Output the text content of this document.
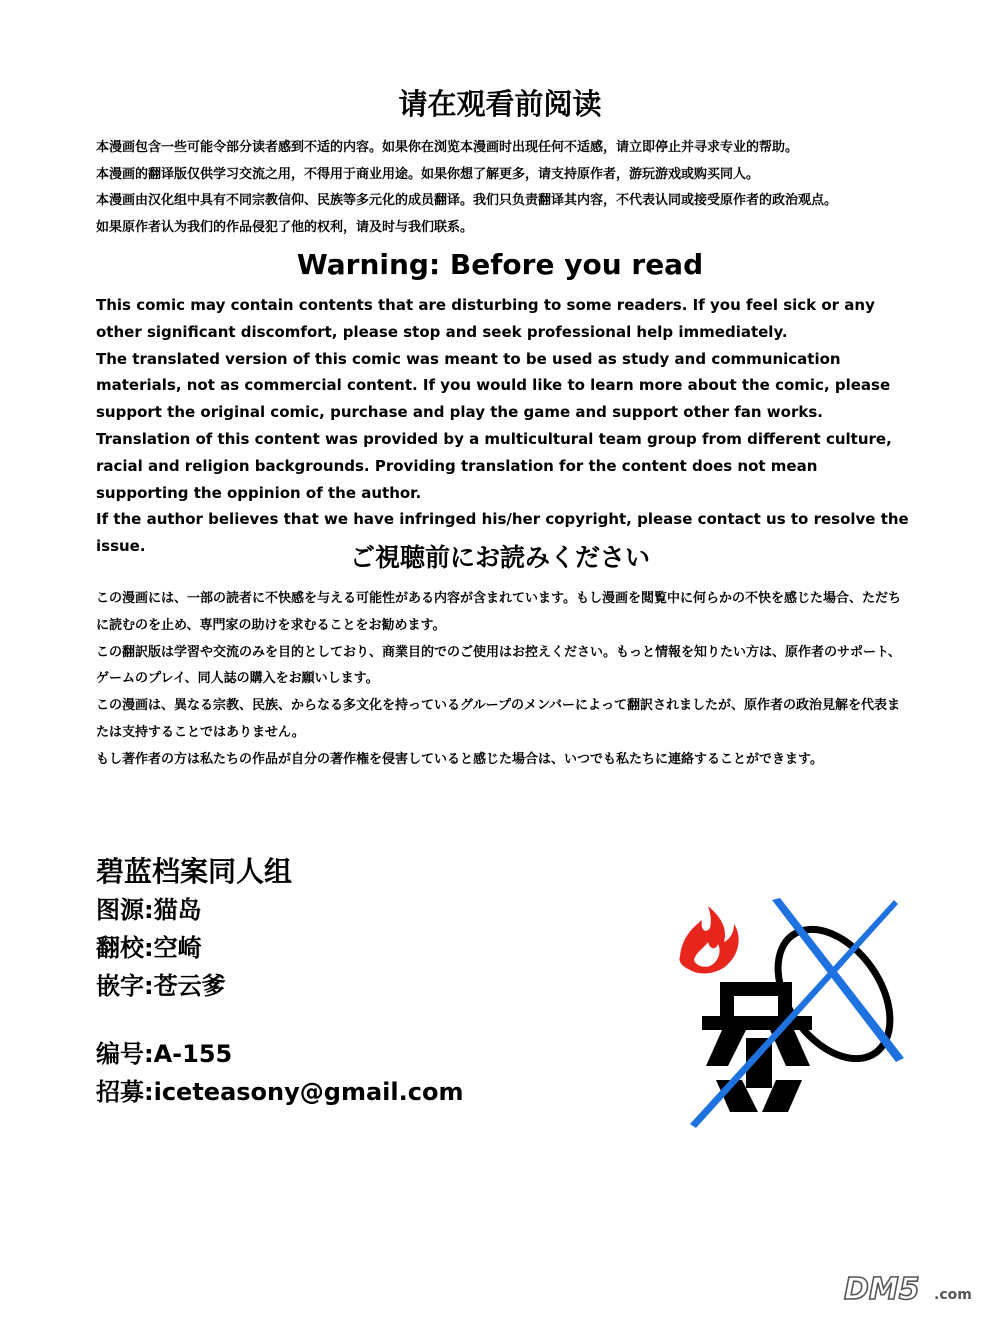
请在观看前阅读

本漫画包含一些可能令部分读者感到不适的内容。如果你在浏览本漫画时出现任何不适感，请立即停止并寻求专业的帮助。

本漫画的翻译版仅供学习交流之用，不得用于商业用途。如果你想了解更多，请支持原作者，游玩游戏或购买同人。

本漫画由汉化组中具有不同宗教信仰、民族等多元化的成员翻译。我们只负责翻译其内容，不代表认同或接受原作者的政治观点。

如果原作者认为我们的作品侵犯了他的权利，请及时与我们联系。

Warning: Before you read

This comic may contain contents that are disturbing to some readers. If you feel sick or any other significant discomfort, please stop and seek professional help immediately.

The translated version of this comic was meant to be used as study and communication materials, not as commercial content. If you would like to learn more about the comic, please support the original comic, purchase and play the game and support other fan works.

Translation of this content was provided by a multicultural team group from different culture, racial and religion backgrounds. Providing translation for the content does not mean supporting the oppinion of the author.

If the author believes that we have infringed his/her copyright, please contact us to resolve the issue.	ご視聴前にお読みください

この漫画には、一部の読者に不快感を与える可能性がある内容が含まれています。もし漫画を閲覧中に何らかの不快を感じた場合、ただちに読むのを止め、専門家の助けを求むることをお勧めます。

この翻訳版は学習や交流のみを目的としており、商業目的でのご使用はお控えください。もっと情報を知りたい方は、原作者のサポート、ゲームのプレイ、同人誌の購入をお願いします。

この漫画は、異なる宗教、民族、からなる多文化を持っているグループのメンバーによって翻訳されましたが、原作者の政治見解を代表または支持することではありません。

もし著作者の方は私たちの作品が自分の著作権を侵害していると感じた場合は、いつでも私たちに連絡することができます。

碧蓝档案同人组
图源:猫岛
翻校:空崎
嵌字:苍云爹
编号:A-155
招募:iceteasony@gmail.com
DM5 .com
